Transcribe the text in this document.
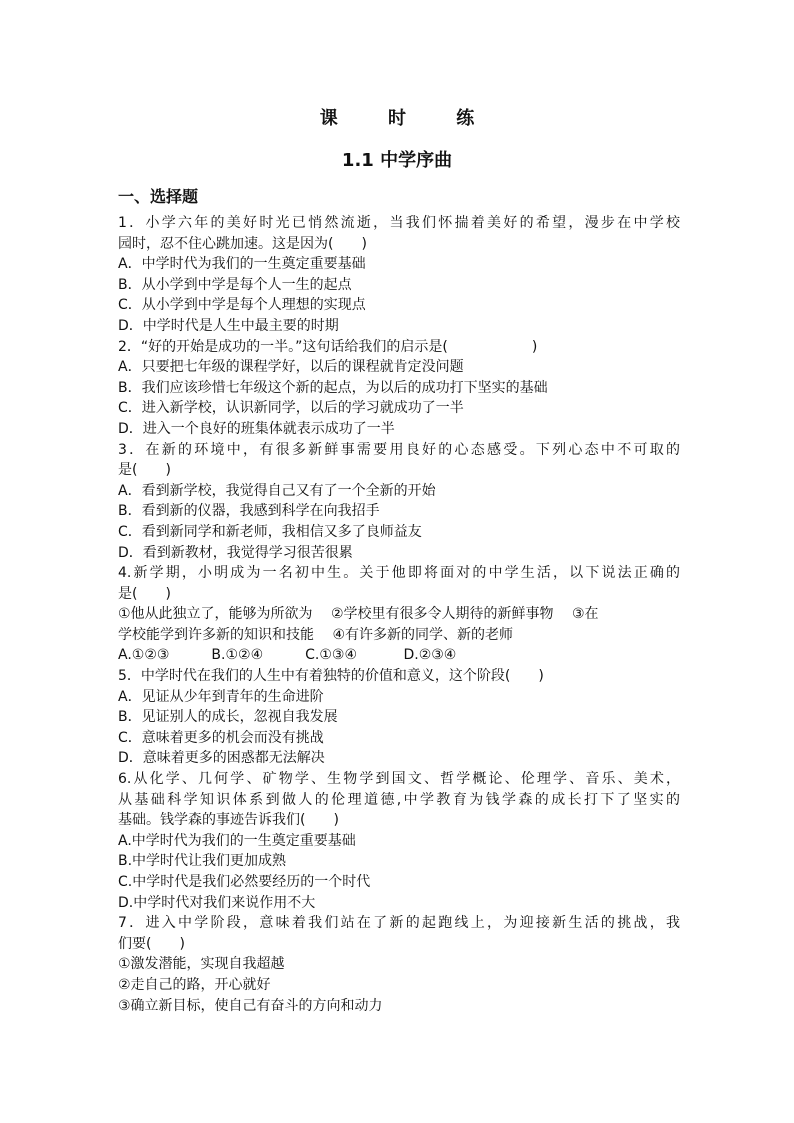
课 时 练
1.1 中学序曲
一、选择题
1．小学六年的美好时光已悄然流逝，当我们怀揣着美好的希望，漫步在中学校
园时，忍不住心跳加速。这是因为(　　)
A．中学时代为我们的一生奠定重要基础
B．从小学到中学是每个人一生的起点
C．从小学到中学是每个人理想的实现点
D．中学时代是人生中最主要的时期
2．“好的开始是成功的一半。”这句话给我们的启示是(　　　　　　)
A．只要把七年级的课程学好，以后的课程就肯定没问题
B．我们应该珍惜七年级这个新的起点，为以后的成功打下坚实的基础
C．进入新学校，认识新同学，以后的学习就成功了一半
D．进入一个良好的班集体就表示成功了一半
3．在新的环境中，有很多新鲜事需要用良好的心态感受。下列心态中不可取的
是(　　)
A．看到新学校，我觉得自己又有了一个全新的开始
B．看到新的仪器，我感到科学在向我招手
C．看到新同学和新老师，我相信又多了良师益友
D．看到新教材，我觉得学习很苦很累
4.新学期，小明成为一名初中生。关于他即将面对的中学生活，以下说法正确的
是(　　)
①他从此独立了，能够为所欲为　 ②学校里有很多令人期待的新鲜事物　 ③在
学校能学到许多新的知识和技能　 ④有许多新的同学、新的老师
A.①②③　　　B.①②④　　　C.①③④　　　 D.②③④
5．中学时代在我们的人生中有着独特的价值和意义，这个阶段(　　)
A．见证从少年到青年的生命进阶
B．见证别人的成长，忽视自我发展
C．意味着更多的机会而没有挑战
D．意味着更多的困惑都无法解决
6.从化学、几何学、矿物学、生物学到国文、哲学概论、伦理学、音乐、美术，
从基础科学知识体系到做人的伦理道德,中学教育为钱学森的成长打下了坚实的
基础。钱学森的事迹告诉我们(　　)
A.中学时代为我们的一生奠定重要基础
B.中学时代让我们更加成熟
C.中学时代是我们必然要经历的一个时代
D.中学时代对我们来说作用不大
7．进入中学阶段，意味着我们站在了新的起跑线上，为迎接新生活的挑战，我
们要(　　)
①激发潜能，实现自我超越
②走自己的路，开心就好
③确立新目标，使自己有奋斗的方向和动力
